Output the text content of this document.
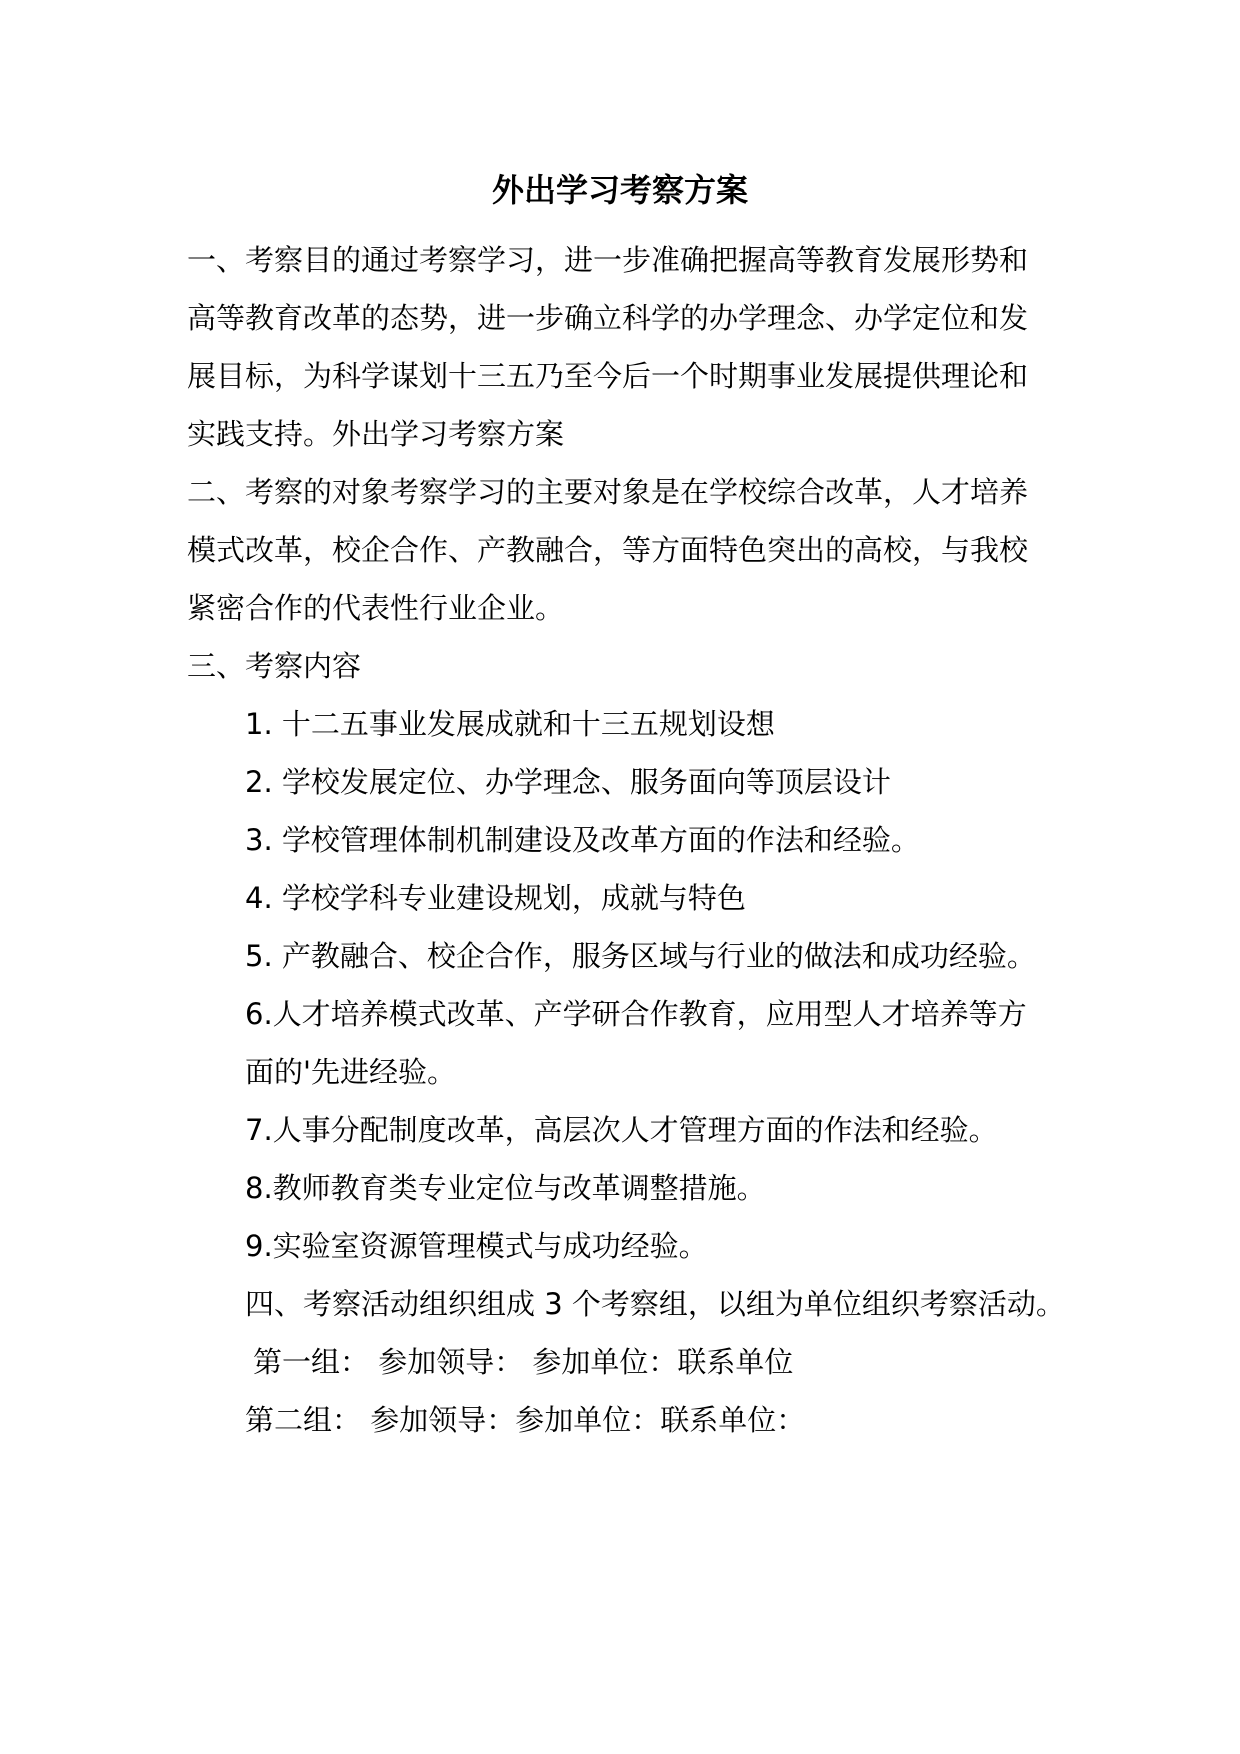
外出学习考察方案
一、考察目的通过考察学习，进一步准确把握高等教育发展形势和
高等教育改革的态势，进一步确立科学的办学理念、办学定位和发
展目标，为科学谋划十三五乃至今后一个时期事业发展提供理论和
实践支持。外出学习考察方案
二、考察的对象考察学习的主要对象是在学校综合改革，人才培养
模式改革，校企合作、产教融合，等方面特色突出的高校，与我校
紧密合作的代表性行业企业。
三、考察内容
1. 十二五事业发展成就和十三五规划设想
2. 学校发展定位、办学理念、服务面向等顶层设计
3. 学校管理体制机制建设及改革方面的作法和经验。
4. 学校学科专业建设规划，成就与特色
5. 产教融合、校企合作，服务区域与行业的做法和成功经验。
6.人才培养模式改革、产学研合作教育，应用型人才培养等方
面的'先进经验。
7.人事分配制度改革，高层次人才管理方面的作法和经验。
8.教师教育类专业定位与改革调整措施。
9.实验室资源管理模式与成功经验。
四、考察活动组织组成 3 个考察组，以组为单位组织考察活动。
第一组： 参加领导： 参加单位：联系单位
第二组： 参加领导：参加单位：联系单位：
